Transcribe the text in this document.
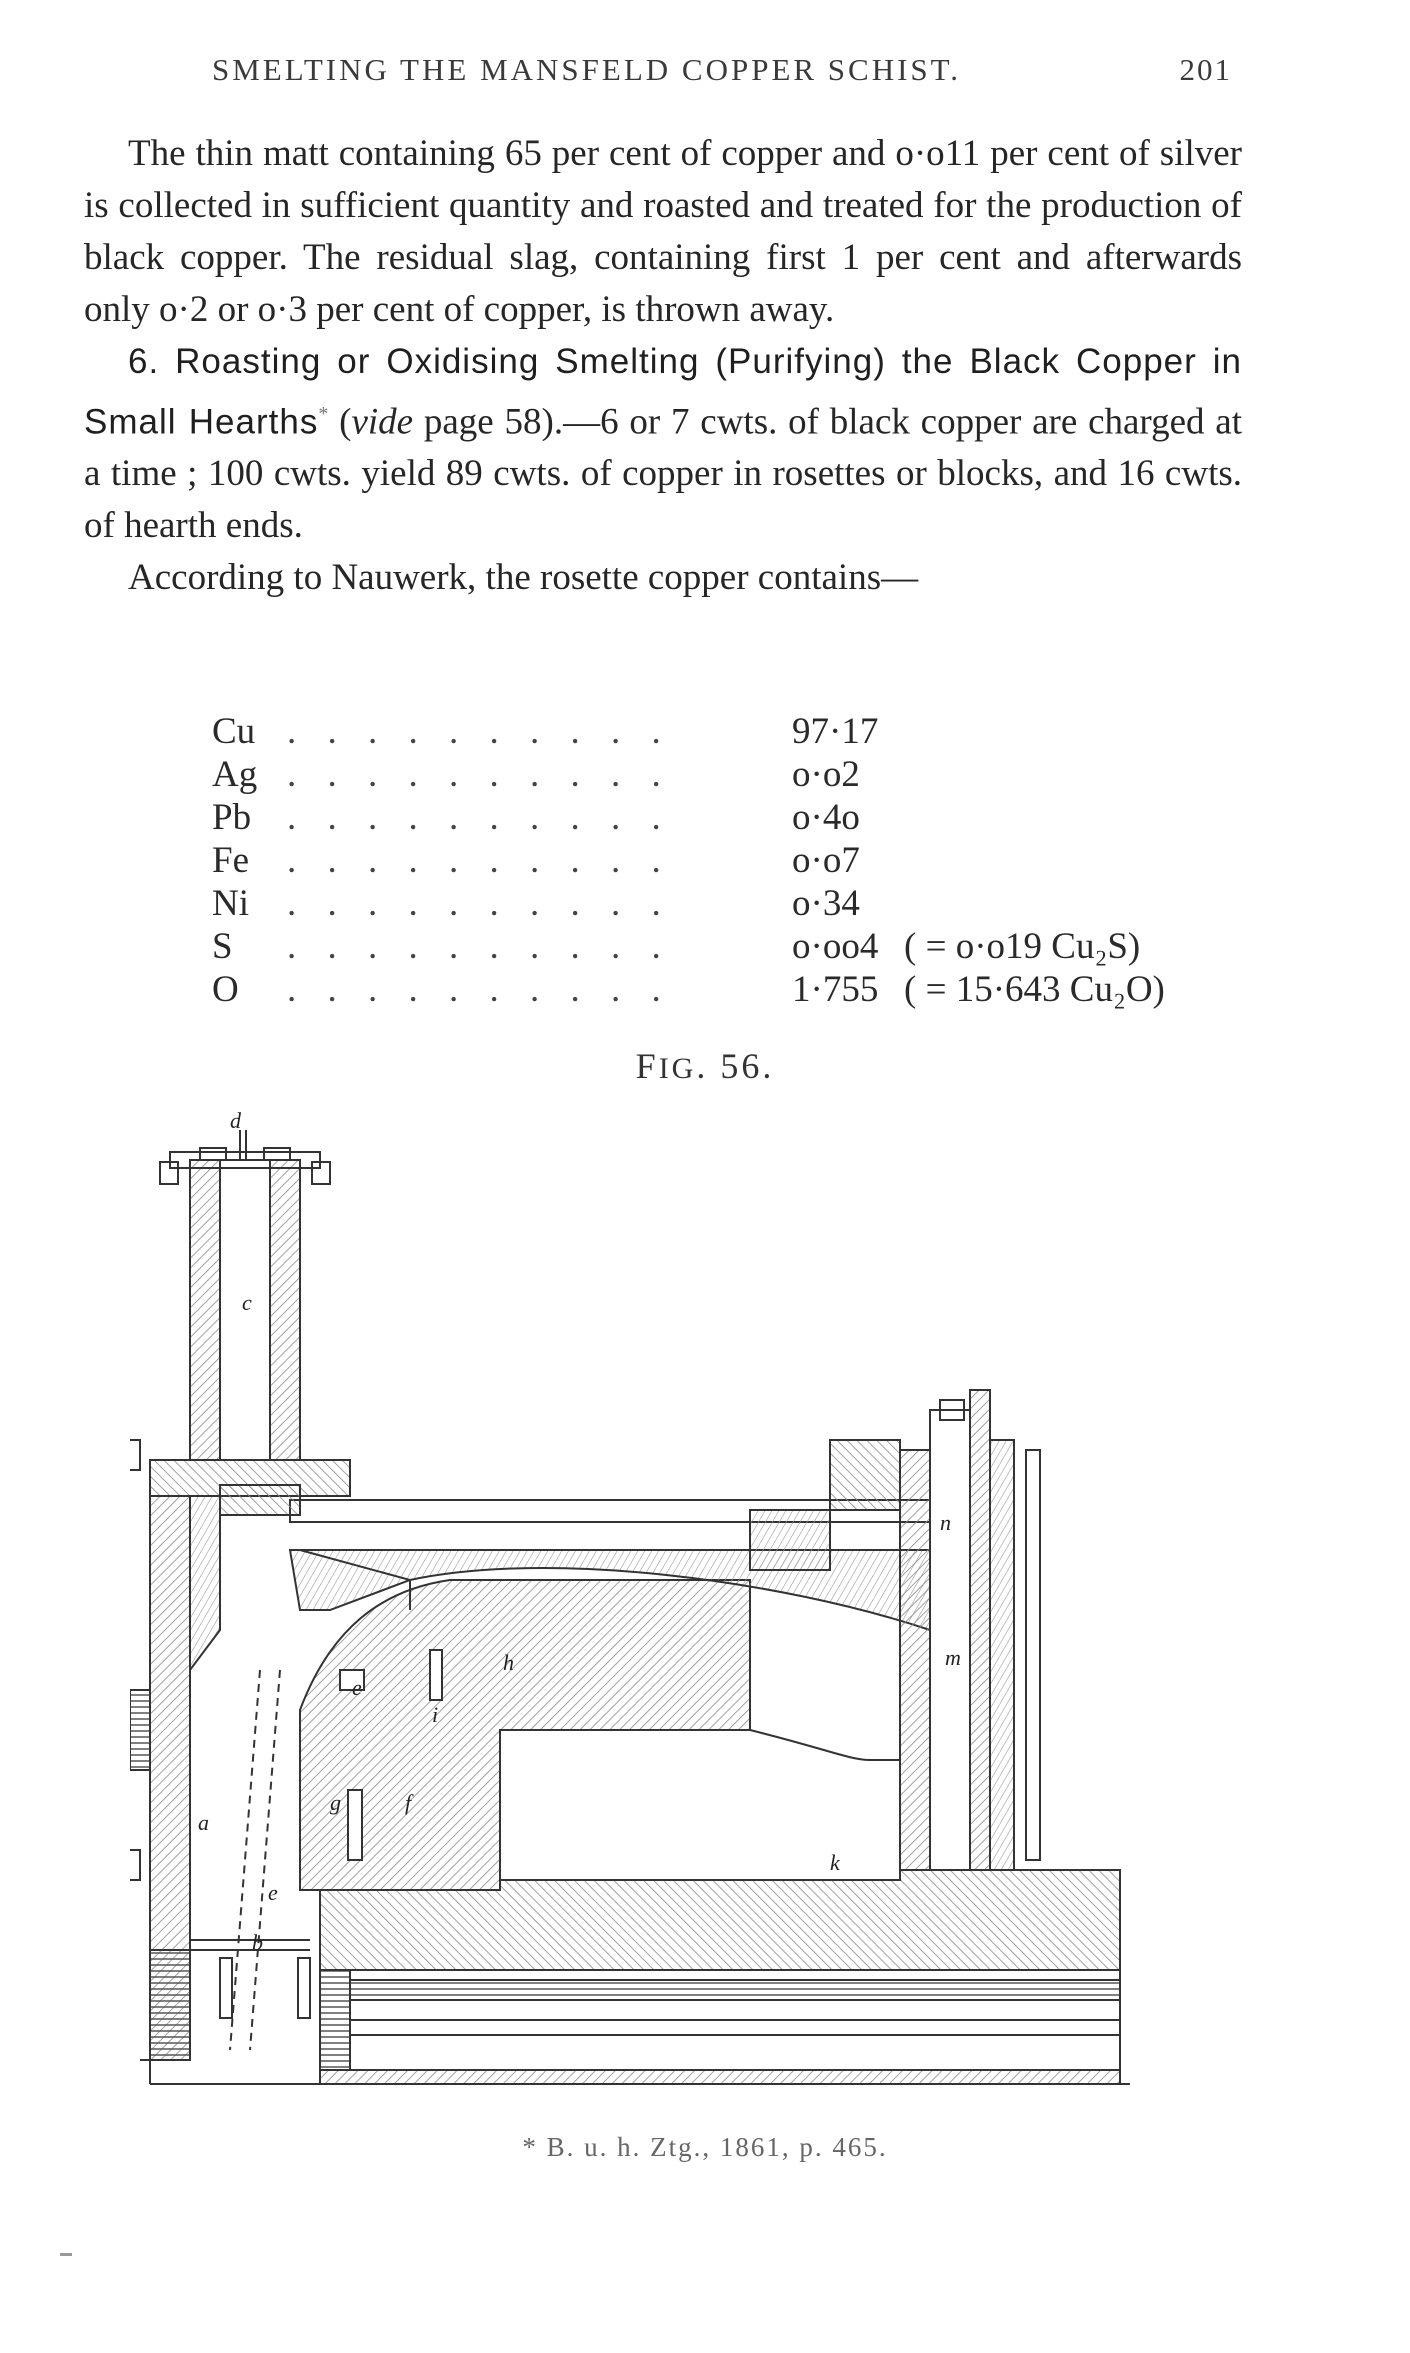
SMELTING THE MANSFELD COPPER SCHIST.	201

The thin matt containing 65 per cent of copper and o·o11 per cent of silver is collected in sufficient quantity and roasted and treated for the production of black copper. The residual slag, containing first 1 per cent and afterwards only o·2 or o·3 per cent of copper, is thrown away.

6. Roasting or Oxidising Smelting (Purifying) the Black Copper in Small Hearths* (vide page 58).—6 or 7 cwts. of black copper are charged at a time ; 100 cwts. yield 89 cwts. of copper in rosettes or blocks, and 16 cwts. of hearth ends.

According to Nauwerk, the rosette copper contains—

Cu . . . . . . . . . .	97·17
Ag . . . . . . . . . .	o·o2
Pb . . . . . . . . . .	o·4o
Fe . . . . . . . . . .	o·o7
Ni . . . . . . . . . .	o·34
S . . . . . . . . . .	o·oo4 ( = o·o19 Cu₂S)
O . . . . . . . . . .	1·755 ( = 15·643 Cu₂O)
FIG. 56.
d
c
e
h
i
a
g	f
e
b
k
n
m
* B. u. h. Ztg., 1861, p. 465.
